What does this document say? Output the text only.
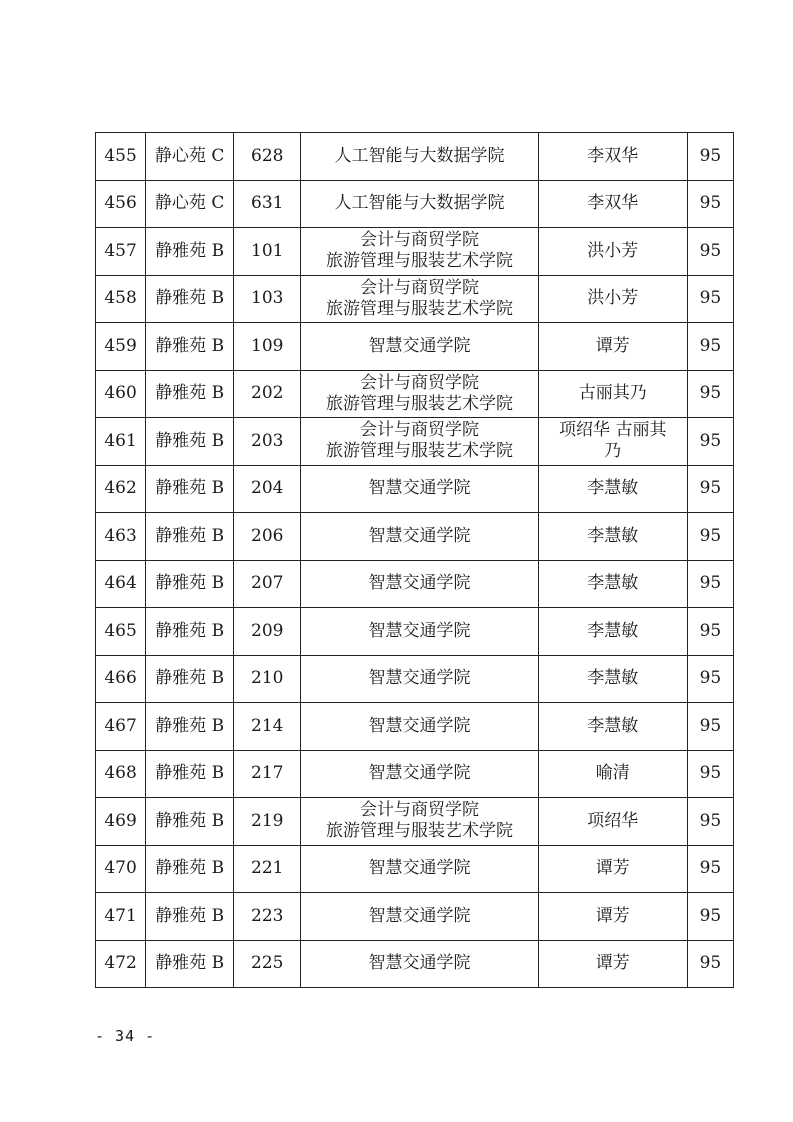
455	静心苑 C	628	人工智能与大数据学院	李双华	95
456	静心苑 C	631	人工智能与大数据学院	李双华	95
457	静雅苑 B	101	会计与商贸学院
旅游管理与服装艺术学院	洪小芳	95
458	静雅苑 B	103	会计与商贸学院
旅游管理与服装艺术学院	洪小芳	95
459	静雅苑 B	109	智慧交通学院	谭芳	95
460	静雅苑 B	202	会计与商贸学院
旅游管理与服装艺术学院	古丽其乃	95
461	静雅苑 B	203	会计与商贸学院
旅游管理与服装艺术学院	项绍华 古丽其
乃	95
462	静雅苑 B	204	智慧交通学院	李慧敏	95
463	静雅苑 B	206	智慧交通学院	李慧敏	95
464	静雅苑 B	207	智慧交通学院	李慧敏	95
465	静雅苑 B	209	智慧交通学院	李慧敏	95
466	静雅苑 B	210	智慧交通学院	李慧敏	95
467	静雅苑 B	214	智慧交通学院	李慧敏	95
468	静雅苑 B	217	智慧交通学院	喻清	95
469	静雅苑 B	219	会计与商贸学院
旅游管理与服装艺术学院	项绍华	95
470	静雅苑 B	221	智慧交通学院	谭芳	95
471	静雅苑 B	223	智慧交通学院	谭芳	95
472	静雅苑 B	225	智慧交通学院	谭芳	95
- 34 -
